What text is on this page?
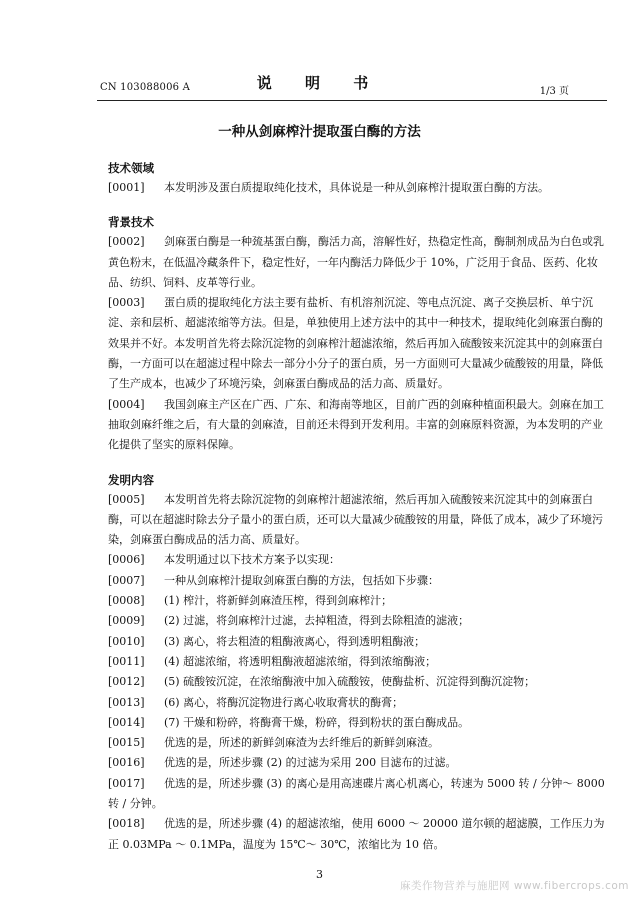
CN 103088006 A	说 明 书	1/3 页
一种从剑麻榨汁提取蛋白酶的方法
技术领域
[0001]	本发明涉及蛋白质提取纯化技术，具体说是一种从剑麻榨汁提取蛋白酶的方法。
背景技术
[0002]	剑麻蛋白酶是一种巯基蛋白酶，酶活力高，溶解性好，热稳定性高，酶制剂成品为白色或乳黄色粉末，在低温冷藏条件下，稳定性好，一年内酶活力降低少于 10%，广泛用于食品、医药、化妆品、纺织、饲料、皮革等行业。
[0003]	蛋白质的提取纯化方法主要有盐析、有机溶剂沉淀、等电点沉淀、离子交换层析、单宁沉淀、亲和层析、超滤浓缩等方法。但是，单独使用上述方法中的其中一种技术，提取纯化剑麻蛋白酶的效果并不好。本发明首先将去除沉淀物的剑麻榨汁超滤浓缩，然后再加入硫酸铵来沉淀其中的剑麻蛋白酶，一方面可以在超滤过程中除去一部分小分子的蛋白质，另一方面则可大量减少硫酸铵的用量，降低了生产成本，也减少了环境污染，剑麻蛋白酶成品的活力高、质量好。
[0004]	我国剑麻主产区在广西、广东、和海南等地区，目前广西的剑麻种植面积最大。剑麻在加工抽取剑麻纤维之后，有大量的剑麻渣，目前还未得到开发利用。丰富的剑麻原料资源，为本发明的产业化提供了坚实的原料保障。
发明内容
[0005]	本发明首先将去除沉淀物的剑麻榨汁超滤浓缩，然后再加入硫酸铵来沉淀其中的剑麻蛋白酶，可以在超滤时除去分子量小的蛋白质，还可以大量减少硫酸铵的用量，降低了成本，减少了环境污染，剑麻蛋白酶成品的活力高、质量好。
[0006]	本发明通过以下技术方案予以实现：
[0007]	一种从剑麻榨汁提取剑麻蛋白酶的方法，包括如下步骤：
[0008]	(1) 榨汁，将新鲜剑麻渣压榨，得到剑麻榨汁；
[0009]	(2) 过滤，将剑麻榨汁过滤，去掉粗渣，得到去除粗渣的滤液；
[0010]	(3) 离心，将去粗渣的粗酶液离心，得到透明粗酶液；
[0011]	(4) 超滤浓缩，将透明粗酶液超滤浓缩，得到浓缩酶液；
[0012]	(5) 硫酸铵沉淀，在浓缩酶液中加入硫酸铵，使酶盐析、沉淀得到酶沉淀物；
[0013]	(6) 离心，将酶沉淀物进行离心收取膏状的酶膏；
[0014]	(7) 干燥和粉碎，将酶膏干燥，粉碎，得到粉状的蛋白酶成品。
[0015]	优选的是，所述的新鲜剑麻渣为去纤维后的新鲜剑麻渣。
[0016]	优选的是，所述步骤 (2) 的过滤为采用 200 目滤布的过滤。
[0017]	优选的是，所述步骤 (3) 的离心是用高速碟片离心机离心，转速为 5000 转 / 分钟～ 8000 转 / 分钟。
[0018]	优选的是，所述步骤 (4) 的超滤浓缩，使用 6000 ～ 20000 道尔顿的超滤膜，工作压力为正 0.03MPa ～ 0.1MPa，温度为 15℃～ 30℃，浓缩比为 10 倍。
3
麻类作物营养与施肥网 www.fibercrops.com
